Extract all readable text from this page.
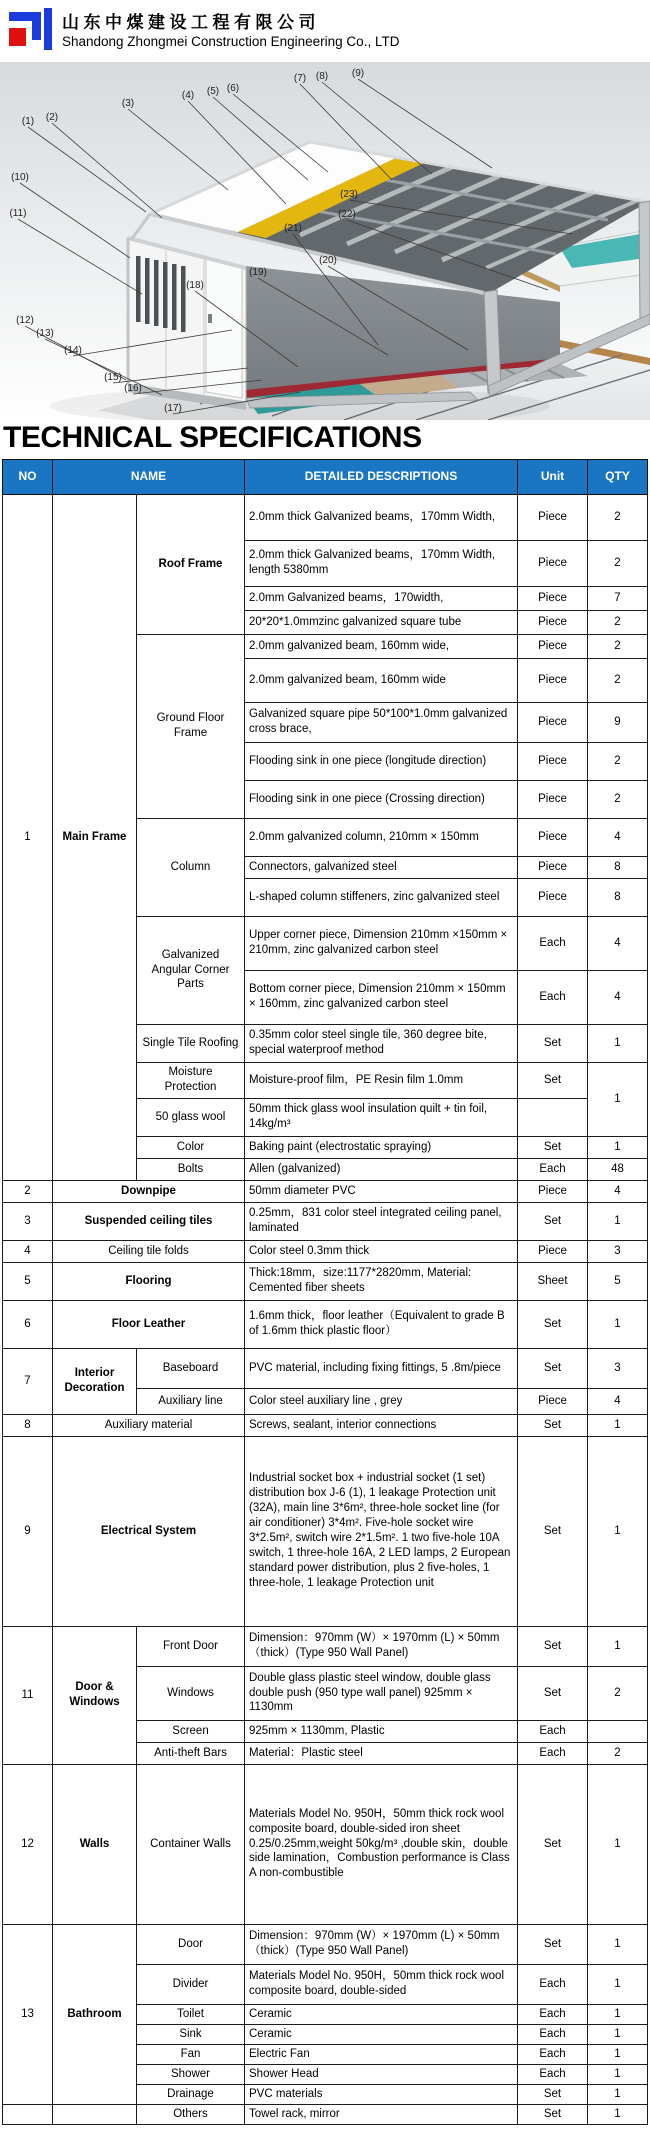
山东中煤建设工程有限公司
Shandong Zhongmei Construction Engineering Co., LTD
(1) (2)
(3)
(4) (5) (6)
(7) (8) (9)
(10)
(11)
(12)
(13)
(14)
(15)
(16)
(17)
(18)
(19)
(20)
(21)
(22)
(23)
TECHNICAL SPECIFICATIONS
NO	NAME		DETAILED DESCRIPTIONS	Unit	QTY
1	Main Frame	Roof Frame	2.0mm thick Galvanized beams，170mm Width,	Piece	2
			2.0mm thick Galvanized beams，170mm Width, length 5380mm	Piece	2
			2.0mm Galvanized beams，170width,	Piece	7
			20*20*1.0mmzinc galvanized square tube	Piece	2
		Ground Floor Frame	2.0mm galvanized beam, 160mm wide,	Piece	2
			2.0mm galvanized beam, 160mm wide	Piece	2
			Galvanized square pipe 50*100*1.0mm galvanized cross brace,	Piece	9
			Flooding sink in one piece (longitude direction)	Piece	2
			Flooding sink in one piece (Crossing direction)	Piece	2
		Column	2.0mm galvanized column, 210mm × 150mm	Piece	4
			Connectors, galvanized steel	Piece	8
			L-shaped column stiffeners, zinc galvanized steel	Piece	8
		Galvanized Angular Corner Parts	Upper corner piece, Dimension 210mm ×150mm × 210mm, zinc galvanized carbon steel	Each	4
			Bottom corner piece, Dimension 210mm × 150mm × 160mm, zinc galvanized carbon steel	Each	4
		Single Tile Roofing	0.35mm color steel single tile, 360 degree bite, special waterproof method	Set	1
		Moisture Protection	Moisture-proof film，PE Resin film 1.0mm	Set	1
		50 glass wool	50mm thick glass wool insulation quilt + tin foil, 14kg/m³		
		Color	Baking paint (electrostatic spraying)	Set	1
		Bolts	Allen (galvanized)	Each	48
2	Downpipe		50mm diameter PVC	Piece	4
3	Suspended ceiling tiles		0.25mm，831 color steel integrated ceiling panel, laminated	Set	1
4	Ceiling tile folds		Color steel 0.3mm thick	Piece	3
5	Flooring		Thick:18mm，size:1177*2820mm, Material: Cemented fiber sheets	Sheet	5
6	Floor Leather		1.6mm thick，floor leather（Equivalent to grade B of 1.6mm thick plastic floor）	Set	1
7	Interior Decoration	Baseboard	PVC material, including fixing fittings, 5 .8m/piece	Set	3
		Auxiliary line	Color steel auxiliary line , grey	Piece	4
8	Auxiliary material		Screws, sealant, interior connections	Set	1
9	Electrical System		Industrial socket box + industrial socket (1 set) distribution box J-6 (1), 1 leakage Protection unit (32A), main line 3*6m², three-hole socket line (for air conditioner) 3*4m². Five-hole socket wire 3*2.5m², switch wire 2*1.5m². 1 two five-hole 10A switch, 1 three-hole 16A, 2 LED lamps, 2 European standard power distribution, plus 2 five-holes, 1 three-hole, 1 leakage Protection unit	Set	1
11	Door & Windows	Front Door	Dimension：970mm (W）× 1970mm (L) × 50mm（thick）(Type 950 Wall Panel)	Set	1
		Windows	Double glass plastic steel window, double glass double push (950 type wall panel) 925mm × 1130mm	Set	2
		Screen	925mm × 1130mm, Plastic	Each	
		Anti-theft Bars	Material：Plastic steel	Each	2
12	Walls	Container Walls	Materials Model No. 950H，50mm thick rock wool composite board, double-sided iron sheet 0.25/0.25mm,weight 50kg/m³ ,double skin，double side lamination，Combustion performance is Class A non-combustible	Set	1
13	Bathroom	Door	Dimension：970mm (W）× 1970mm (L) × 50mm（thick）(Type 950 Wall Panel)	Set	1
		Divider	Materials Model No. 950H，50mm thick rock wool composite board, double-sided	Each	1
		Toilet	Ceramic	Each	1
		Sink	Ceramic	Each	1
		Fan	Electric Fan	Each	1
		Shower	Shower Head	Each	1
		Drainage	PVC materials	Set	1
		Others	Towel rack, mirror	Set	1
